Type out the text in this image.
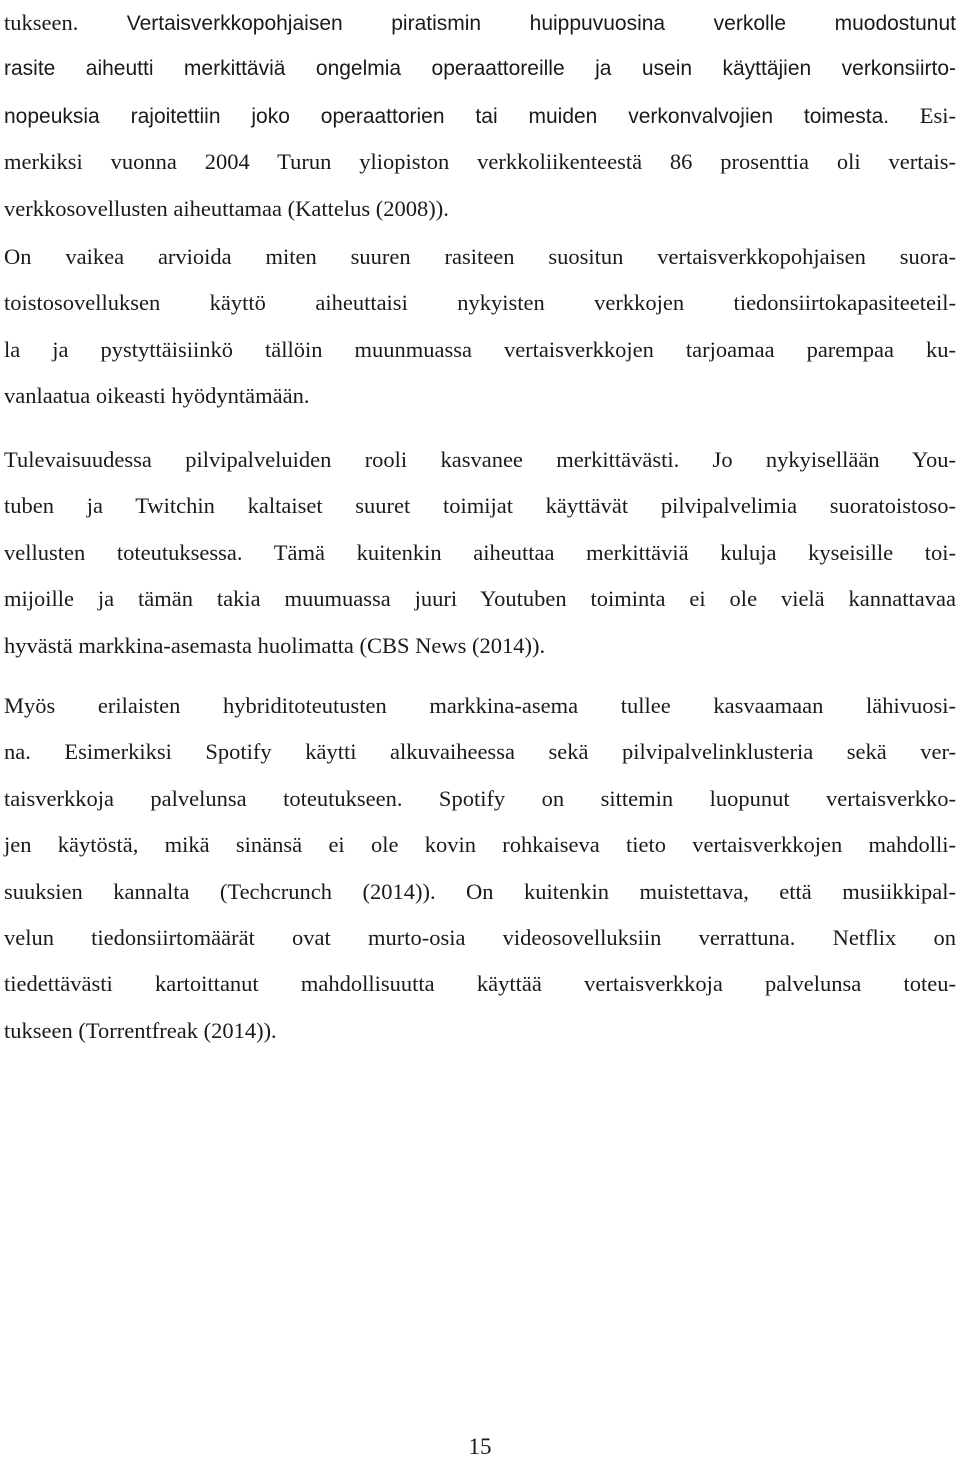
tukseen. Vertaisverkkopohjaisen piratismin huippuvuosina verkolle muodostunut
rasite aiheutti merkittäviä ongelmia operaattoreille ja usein käyttäjien verkonsiirto-
nopeuksia rajoitettiin joko operaattorien tai muiden verkonvalvojien toimesta. Esi-
merkiksi vuonna 2004 Turun yliopiston verkkoliikenteestä 86 prosenttia oli vertais-
verkkosovellusten aiheuttamaa (Kattelus (2008)).
On vaikea arvioida miten suuren rasiteen suositun vertaisverkkopohjaisen suora-
toistosovelluksen käyttö aiheuttaisi nykyisten verkkojen tiedonsiirtokapasiteeteil-
la ja pystyttäisiinkö tällöin muunmuassa vertaisverkkojen tarjoamaa parempaa ku-
vanlaatua oikeasti hyödyntämään.
Tulevaisuudessa pilvipalveluiden rooli kasvanee merkittävästi. Jo nykyisellään You-
tuben ja Twitchin kaltaiset suuret toimijat käyttävät pilvipalvelimia suoratoistoso-
vellusten toteutuksessa. Tämä kuitenkin aiheuttaa merkittäviä kuluja kyseisille toi-
mijoille ja tämän takia muumuassa juuri Youtuben toiminta ei ole vielä kannattavaa
hyvästä markkina-asemasta huolimatta (CBS News (2014)).
Myös erilaisten hybriditoteutusten markkina-asema tullee kasvaamaan lähivuosi-
na. Esimerkiksi Spotify käytti alkuvaiheessa sekä pilvipalvelinklusteria sekä ver-
taisverkkoja palvelunsa toteutukseen. Spotify on sittemin luopunut vertaisverkko-
jen käytöstä, mikä sinänsä ei ole kovin rohkaiseva tieto vertaisverkkojen mahdolli-
suuksien kannalta (Techcrunch (2014)). On kuitenkin muistettava, että musiikkipal-
velun tiedonsiirtomäärät ovat murto-osia videosovelluksiin verrattuna. Netflix on
tiedettävästi kartoittanut mahdollisuutta käyttää vertaisverkkoja palvelunsa toteu-
tukseen (Torrentfreak (2014)).
15
